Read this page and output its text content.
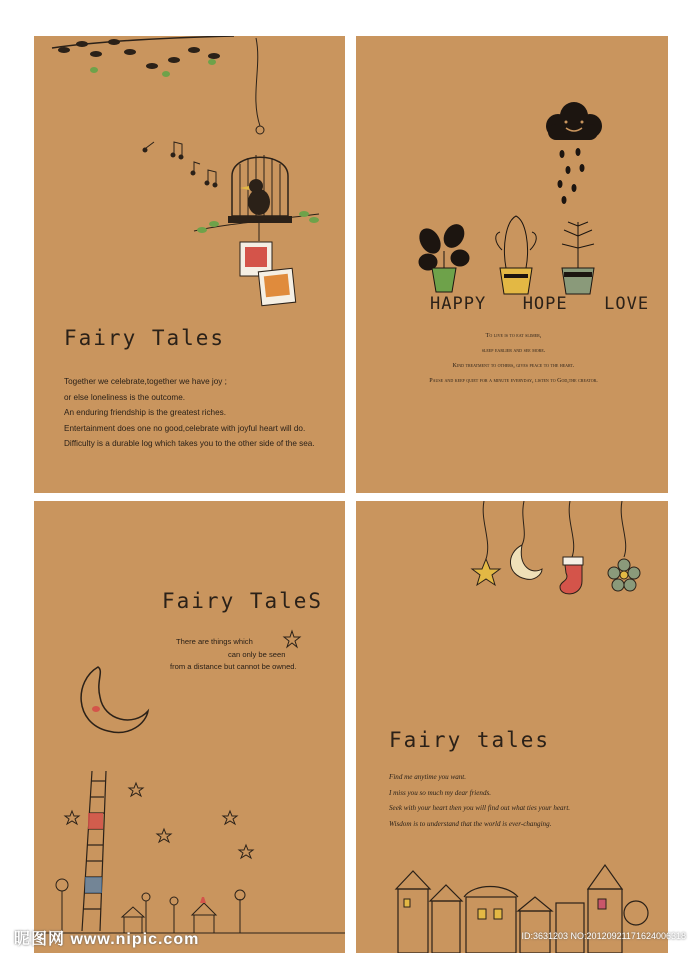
Fairy Tales
Together we celebrate,together we have joy ;
or else loneliness is the outcome.
An enduring friendship is the greatest riches.
Entertainment does one no good,celebrate with joyful heart will do.
Difficulty is a durable log which takes you to the other side of the sea.
HAPPY HOPE LOVE
To live is to eat slimer,
sleep earlier and see more.
Kind treatment to others, gives peace to the heart.
Pause and keep quiet for a minute everyday, listen to God,the creator.
Fairy TaleS
There are things which
can only be seen
from a distance but cannot be owned.
Fairy tales
Find me anytime you want.
I miss you so much my dear friends.
Seek with your heart then you will find out what ties your heart.
Wisdom is to understand that the world is ever-changing.
昵图网 www.nipic.com	ID:3631203 NO:20120921171624006318
